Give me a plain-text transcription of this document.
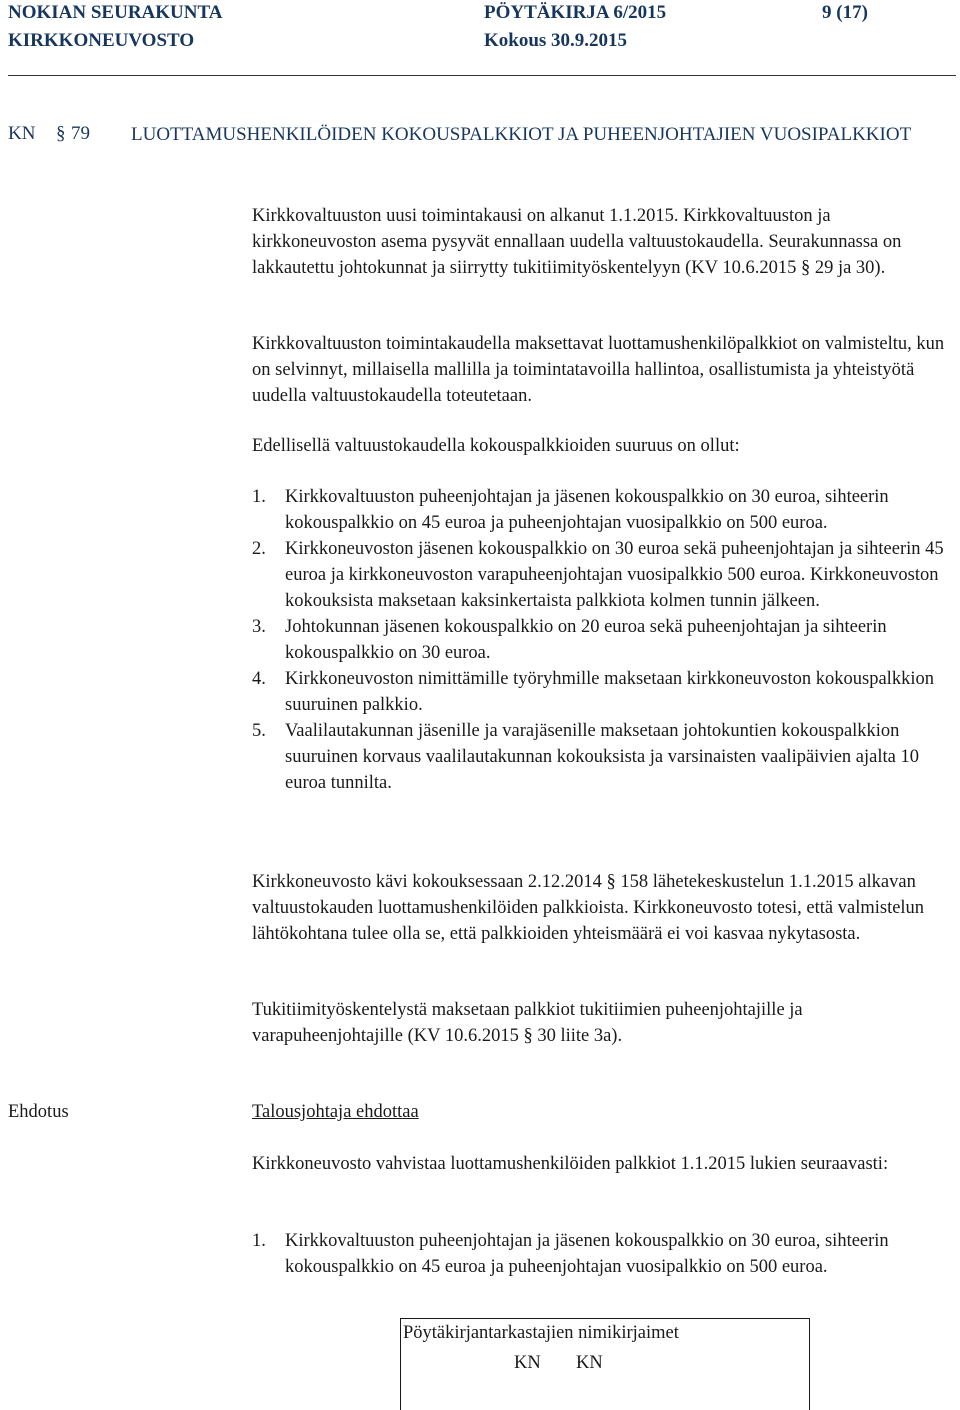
NOKIAN SEURAKUNTA
KIRKKONEUVOSTO
PÖYTÄKIRJA 6/2015
Kokous 30.9.2015
9 (17)
KN § 79 LUOTTAMUSHENKILÖIDEN KOKOUSPALKKIOT JA PUHEENJOHTAJIEN VUOSIPALKKIOT

Kirkkovaltuuston uusi toimintakausi on alkanut 1.1.2015. Kirkkovaltuuston ja kirkkoneuvoston asema pysyvät ennallaan uudella valtuustokaudella. Seurakunnassa on lakkautettu johtokunnat ja siirrytty tukitiimityöskentelyyn (KV 10.6.2015 § 29 ja 30).

Kirkkovaltuuston toimintakaudella maksettavat luottamushenkilöpalkkiot on valmisteltu, kun on selvinnyt, millaisella mallilla ja toimintatavoilla hallintoa, osallistumista ja yhteistyötä uudella valtuustokaudella toteutetaan.

Edellisellä valtuustokaudella kokouspalkkioiden suuruus on ollut:

1. Kirkkovaltuuston puheenjohtajan ja jäsenen kokouspalkkio on 30 euroa, sihteerin kokouspalkkio on 45 euroa ja puheenjohtajan vuosipalkkio on 500 euroa.
2. Kirkkoneuvoston jäsenen kokouspalkkio on 30 euroa sekä puheenjohtajan ja sihteerin 45 euroa ja kirkkoneuvoston varapuheenjohtajan vuosipalkkio 500 euroa. Kirkkoneuvoston kokouksista maksetaan kaksinkertaista palkkiota kolmen tunnin jälkeen.
3. Johtokunnan jäsenen kokouspalkkio on 20 euroa sekä puheenjohtajan ja sihteerin kokouspalkkio on 30 euroa.
4. Kirkkoneuvoston nimittämille työryhmille maksetaan kirkkoneuvoston kokouspalkkion suuruinen palkkio.
5. Vaalilautakunnan jäsenille ja varajäsenille maksetaan johtokuntien kokouspalkkion suuruinen korvaus vaalilautakunnan kokouksista ja varsinaisten vaalipäivien ajalta 10 euroa tunnilta.

Kirkkoneuvosto kävi kokouksessaan 2.12.2014 § 158 lähetekeskustelun 1.1.2015 alkavan valtuustokauden luottamushenkilöiden palkkioista. Kirkkoneuvosto totesi, että valmistelun lähtökohtana tulee olla se, että palkkioiden yhteismäärä ei voi kasvaa nykytasosta.

Tukitiimityöskentelystä maksetaan palkkiot tukitiimien puheenjohtajille ja varapuheenjohtajille (KV 10.6.2015 § 30 liite 3a).

Ehdotus	Talousjohtaja ehdottaa

Kirkkoneuvosto vahvistaa luottamushenkilöiden palkkiot 1.1.2015 lukien seuraavasti:

1. Kirkkovaltuuston puheenjohtajan ja jäsenen kokouspalkkio on 30 euroa, sihteerin kokouspalkkio on 45 euroa ja puheenjohtajan vuosipalkkio on 500 euroa.
Pöytäkirjantarkastajien nimikirjaimet
KN KN
